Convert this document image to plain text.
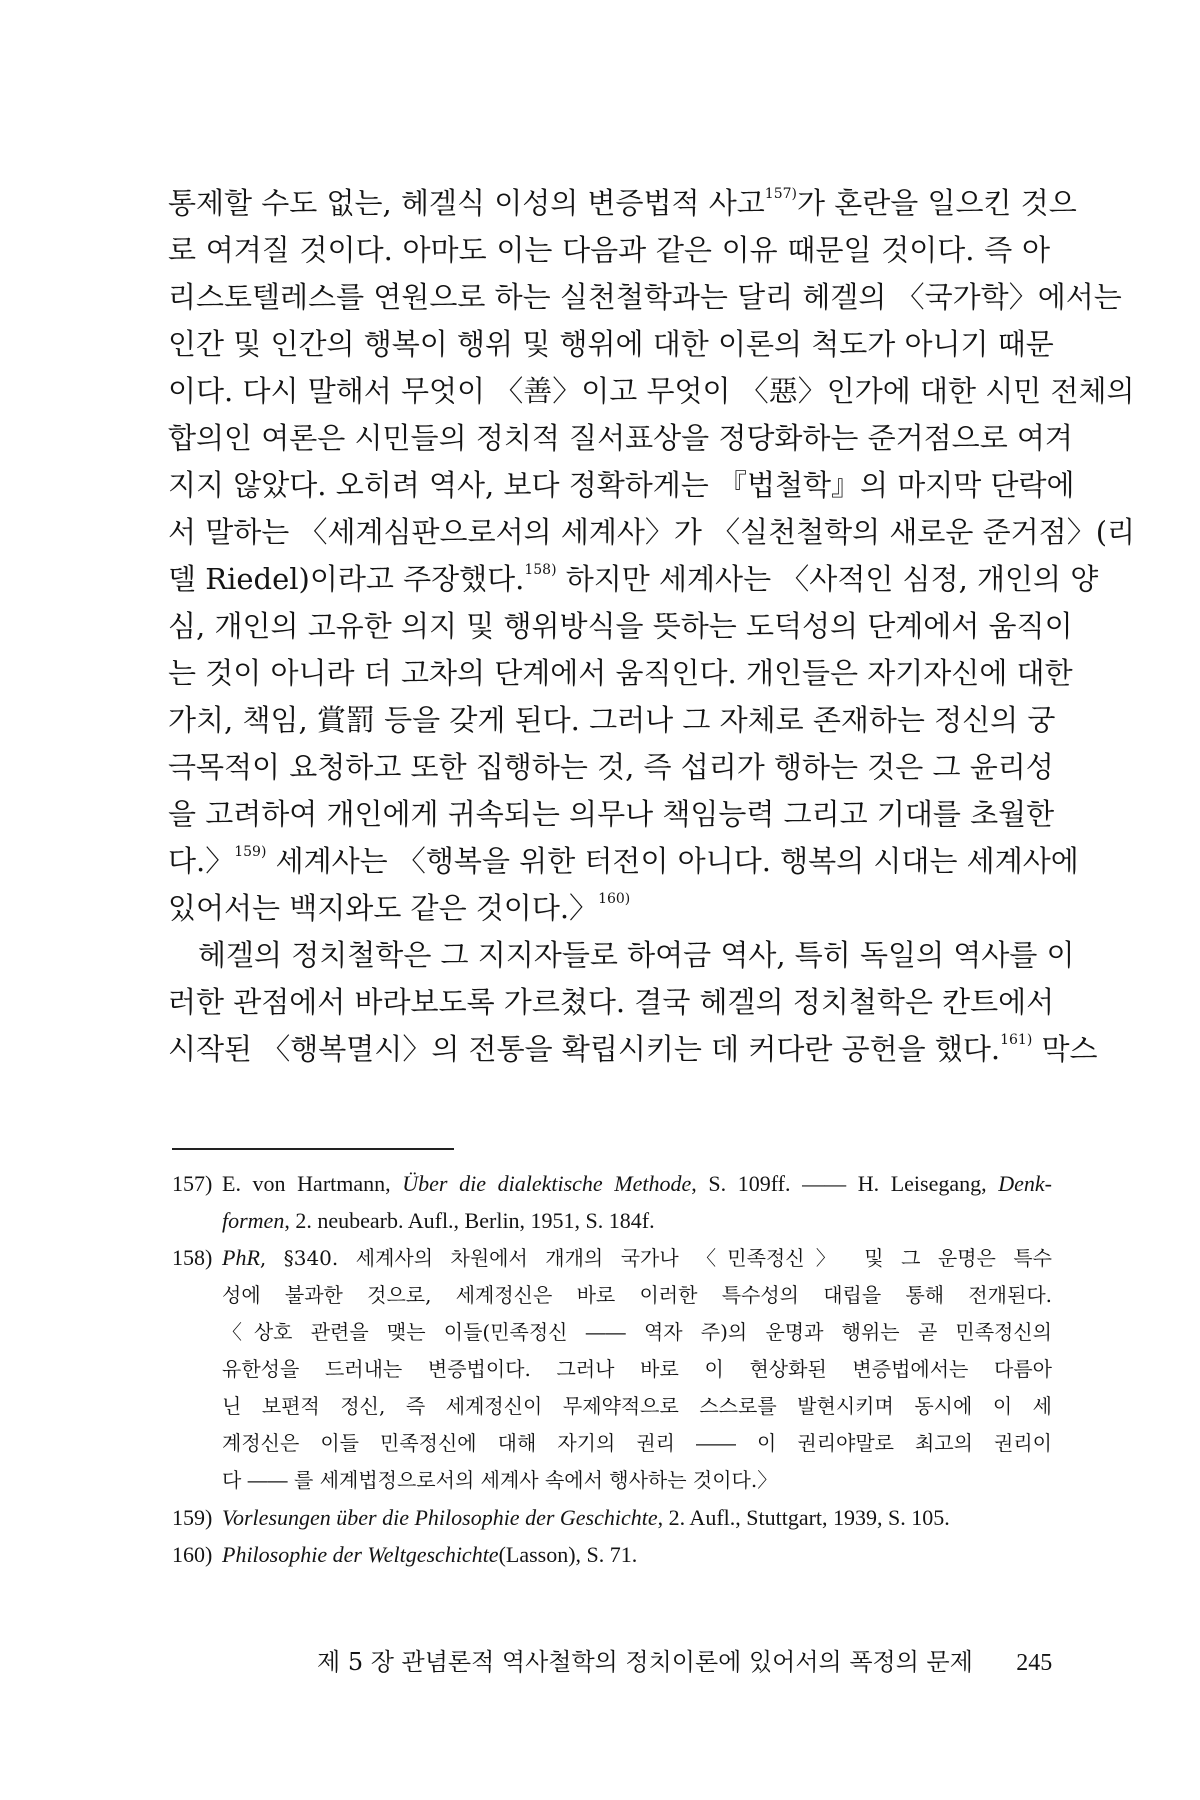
통제할 수도 없는, 헤겔식 이성의 변증법적 사고$^{157)}$가 혼란을 일으킨 것으
로 여겨질 것이다. 아마도 이는 다음과 같은 이유 때문일 것이다. 즉 아
리스토텔레스를 연원으로 하는 실천철학과는 달리 헤겔의 〈국가학〉에서는
인간 및 인간의 행복이 행위 및 행위에 대한 이론의 척도가 아니기 때문
이다. 다시 말해서 무엇이 〈善〉이고 무엇이 〈惡〉인가에 대한 시민 전체의
합의인 여론은 시민들의 정치적 질서표상을 정당화하는 준거점으로 여겨
지지 않았다. 오히려 역사, 보다 정확하게는 『법철학』의 마지막 단락에
서 말하는 〈세계심판으로서의 세계사〉가 〈실천철학의 새로운 준거점〉(리
델 Riedel)이라고 주장했다.$^{158)}$ 하지만 세계사는 〈사적인 심정, 개인의 양
심, 개인의 고유한 의지 및 행위방식을 뜻하는 도덕성의 단계에서 움직이
는 것이 아니라 더 고차의 단계에서 움직인다. 개인들은 자기자신에 대한
가치, 책임, 賞罰 등을 갖게 된다. 그러나 그 자체로 존재하는 정신의 궁
극목적이 요청하고 또한 집행하는 것, 즉 섭리가 행하는 것은 그 윤리성
을 고려하여 개인에게 귀속되는 의무나 책임능력 그리고 기대를 초월한
다.〉$^{159)}$ 세계사는 〈행복을 위한 터전이 아니다. 행복의 시대는 세계사에
있어서는 백지와도 같은 것이다.〉$^{160)}$
헤겔의 정치철학은 그 지지자들로 하여금 역사, 특히 독일의 역사를 이
러한 관점에서 바라보도록 가르쳤다. 결국 헤겔의 정치철학은 칸트에서
시작된 〈행복멸시〉의 전통을 확립시키는 데 커다란 공헌을 했다.$^{161)}$ 막스
157) E. von Hartmann, Über die dialektische Methode, S. 109ff. ―― H. Leisegang, Denk-
formen, 2. neubearb. Aufl., Berlin, 1951, S. 184f.
158) PhR, §340. 세계사의 차원에서 개개의 국가나 〈민족정신〉 및 그 운명은 특수
성에 불과한 것으로, 세계정신은 바로 이러한 특수성의 대립을 통해 전개된다.
〈상호 관련을 맺는 이들(민족정신 ―― 역자 주)의 운명과 행위는 곧 민족정신의
유한성을 드러내는 변증법이다. 그러나 바로 이 현상화된 변증법에서는 다름아
닌 보편적 정신, 즉 세계정신이 무제약적으로 스스로를 발현시키며 동시에 이 세
계정신은 이들 민족정신에 대해 자기의 권리 ―― 이 권리야말로 최고의 권리이
다 ―― 를 세계법정으로서의 세계사 속에서 행사하는 것이다.〉
159) Vorlesungen über die Philosophie der Geschichte, 2. Aufl., Stuttgart, 1939, S. 105.
160) Philosophie der Weltgeschichte(Lasson), S. 71.
제 5 장 관념론적 역사철학의 정치이론에 있어서의 폭정의 문제 245
